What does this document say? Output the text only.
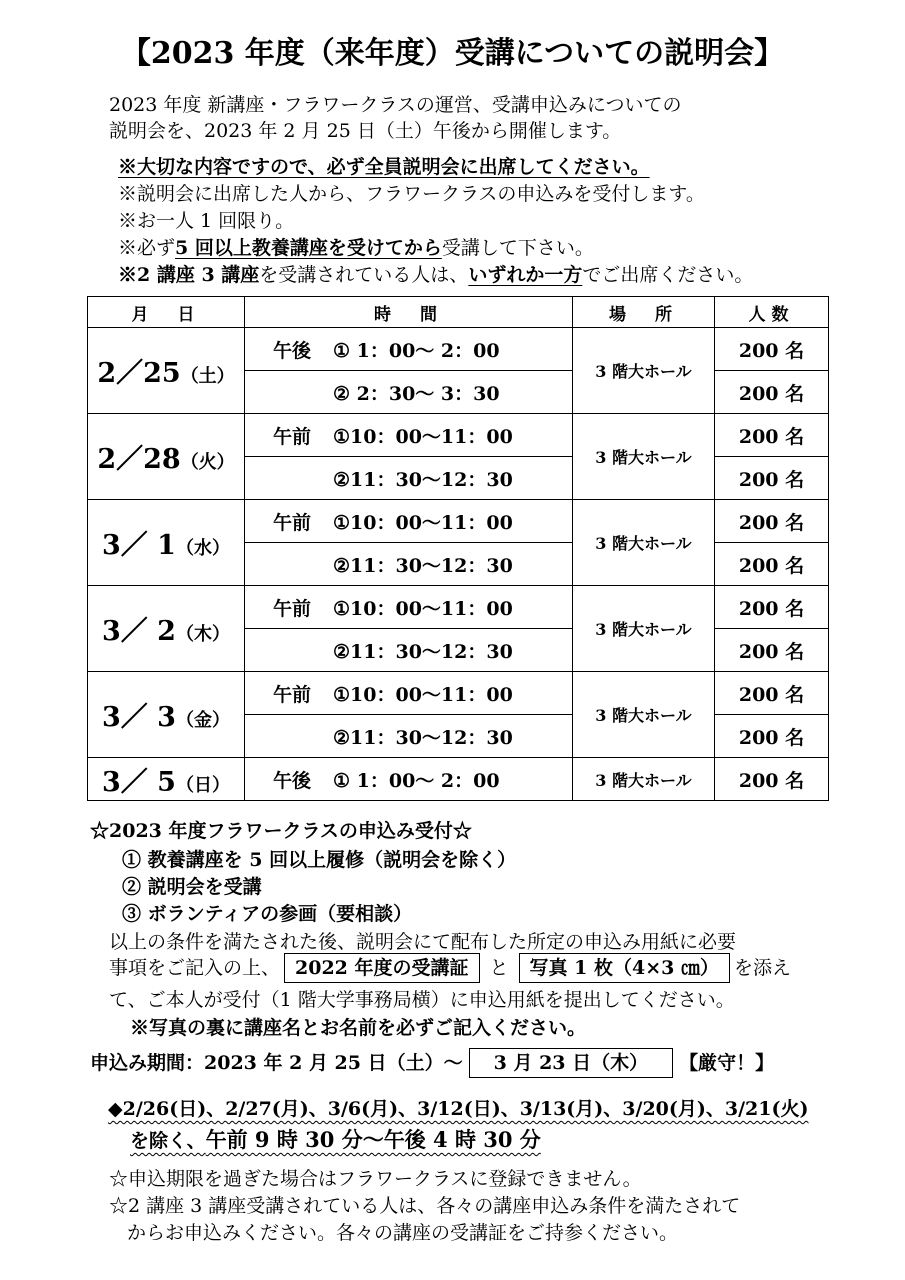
【2023 年度（来年度）受講についての説明会】
2023 年度 新講座・フラワークラスの運営、受講申込みについての
説明会を、2023 年 2 月 25 日（土）午後から開催します。
※大切な内容ですので、必ず全員説明会に出席してください。
※説明会に出席した人から、フラワークラスの申込みを受付します。
※お一人 1 回限り。
※必ず5 回以上教養講座を受けてから受講して下さい。
※2 講座 3 講座を受講されている人は、いずれか一方でご出席ください。
月　日	時　間	場　所	人数
2／25（土）	午後 ① 1：00〜 2：00	3 階大ホール	200 名
	② 2：30〜 3：30		200 名
2／28（火）	午前 ①10：00〜11：00	3 階大ホール	200 名
	②11：30〜12：30		200 名
3／ 1（水）	午前 ①10：00〜11：00	3 階大ホール	200 名
	②11：30〜12：30		200 名
3／ 2（木）	午前 ①10：00〜11：00	3 階大ホール	200 名
	②11：30〜12：30		200 名
3／ 3（金）	午前 ①10：00〜11：00	3 階大ホール	200 名
	②11：30〜12：30		200 名
3／ 5（日）	午後 ① 1：00〜 2：00	3 階大ホール	200 名
☆2023 年度フラワークラスの申込み受付☆
① 教養講座を 5 回以上履修（説明会を除く）
② 説明会を受講
③ ボランティアの参画（要相談）
以上の条件を満たされた後、説明会にて配布した所定の申込み用紙に必要
事項をご記入の上、 2022 年度の受講証 と 写真 1 枚（4×3 ㎝） を添え
て、ご本人が受付（1 階大学事務局横）に申込用紙を提出してください。
※写真の裏に講座名とお名前を必ずご記入ください。
申込み期間：2023 年 2 月 25 日（土）〜 3 月 23 日（木） 【厳守！】
◆2/26(日)、2/27(月)、3/6(月)、3/12(日)、3/13(月)、3/20(月)、3/21(火)
を除く、午前 9 時 30 分〜午後 4 時 30 分
☆申込期限を過ぎた場合はフラワークラスに登録できません。
☆2 講座 3 講座受講されている人は、各々の講座申込み条件を満たされて
からお申込みください。各々の講座の受講証をご持参ください。
